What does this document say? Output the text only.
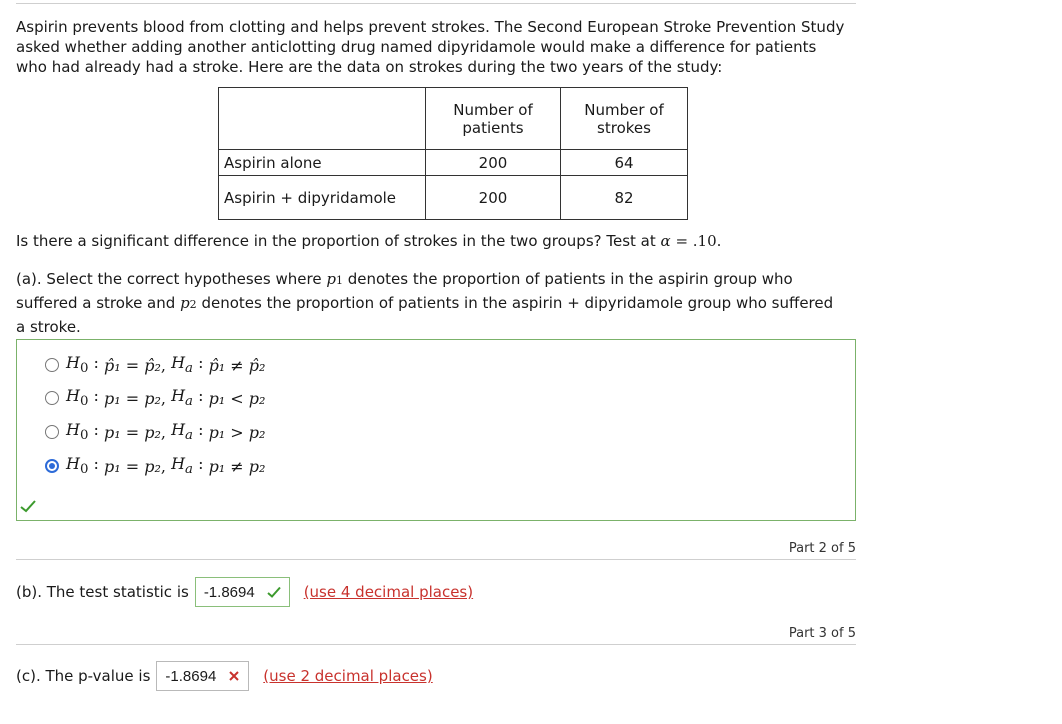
Aspirin prevents blood from clotting and helps prevent strokes. The Second European Stroke Prevention Study asked whether adding another anticlotting drug named dipyridamole would make a difference for patients who had already had a stroke. Here are the data on strokes during the two years of the study:
	Number of patients	Number of strokes
Aspirin alone	200	64
Aspirin + dipyridamole	200	82
Is there a significant difference in the proportion of strokes in the two groups? Test at α = .10.
(a). Select the correct hypotheses where p1 denotes the proportion of patients in the aspirin group who suffered a stroke and p2 denotes the proportion of patients in the aspirin + dipyridamole group who suffered a stroke.
$H_0$ :
p̂₁ = p̂₂ , $H_a$ :
p̂₁ ≠ p̂₂
$H_0$ :
p₁ = p₂ , $H_a$ :
p₁ < p₂
$H_0$ :
p₁ = p₂ , $H_a$ :
p₁ > p₂
$H_0$ :
p₁ = p₂ , $H_a$ :
p₁ ≠ p₂
Part 2 of 5
(b). The test statistic is -1.8694	(use 4 decimal places)
Part 3 of 5
(c). The p-value is -1.8694	(use 2 decimal places)
